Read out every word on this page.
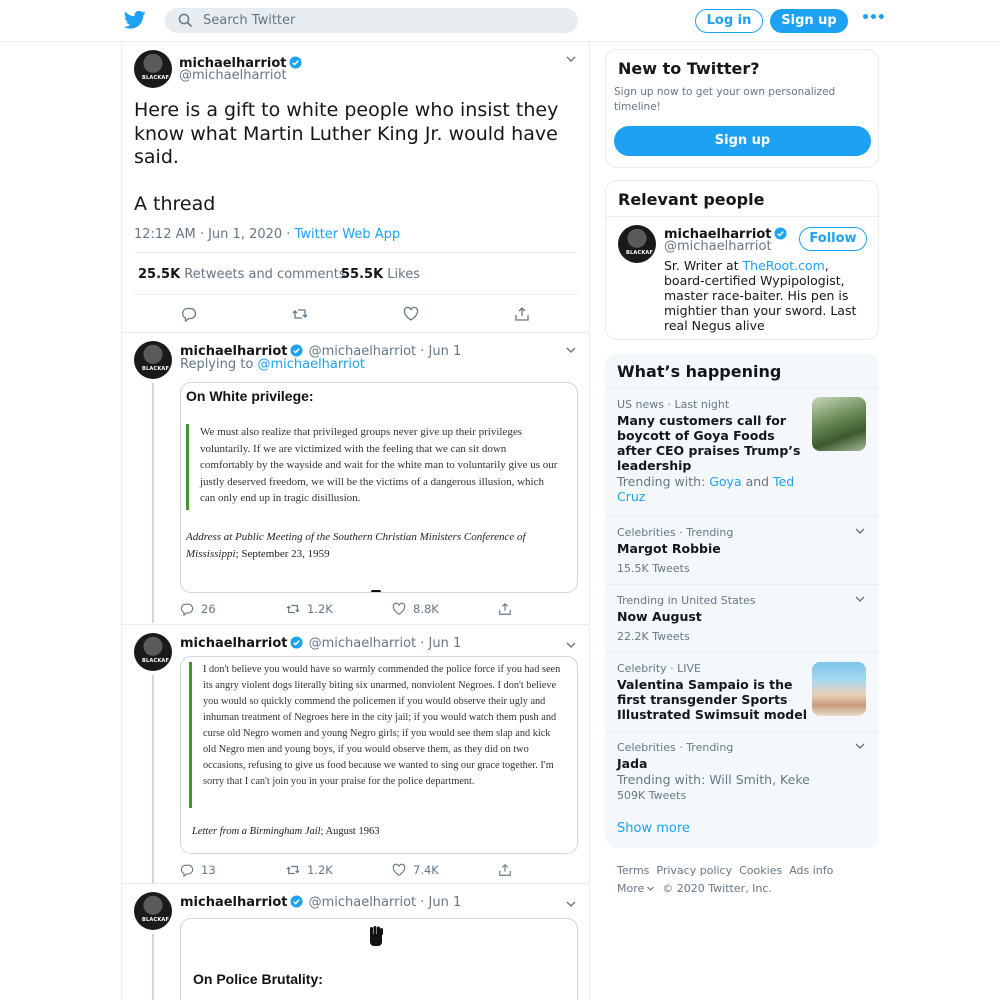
Search Twitter
Log in	Sign up	•••
BLACKAF
michaelharriot
@michaelharriot
Here is a gift to white people who insist they
know what Martin Luther King Jr. would have
said.
A thread
12:12 AM · Jun 1, 2020 · Twitter Web App
25.5K Retweets and comments
55.5K Likes
BLACKAF
michaelharriot @michaelharriot · Jun 1
Replying to @michaelharriot
On White privilege:
We must also realize that privileged groups never give up their privileges voluntarily. If we are victimized with the feeling that we can sit down comfortably by the wayside and wait for the white man to voluntarily give us our justly deserved freedom, we will be the victims of a dangerous illusion, which can only end up in tragic disillusion.
Address at Public Meeting of the Southern Christian Ministers Conference of Mississippi; September 23, 1959
26	1.2K	8.8K
BLACKAF
michaelharriot @michaelharriot · Jun 1
I don't believe you would have so warmly commended the police force if you had seen its angry violent dogs literally biting six unarmed, nonviolent Negroes. I don't believe you would so quickly commend the policemen if you would observe their ugly and inhuman treatment of Negroes here in the city jail; if you would watch them push and curse old Negro women and young Negro girls; if you would see them slap and kick old Negro men and young boys, if you would observe them, as they did on two occasions, refusing to give us food because we wanted to sing our grace together. I'm sorry that I can't join you in your praise for the police department.
Letter from a Birmingham Jail; August 1963
13	1.2K	7.4K
BLACKAF
michaelharriot @michaelharriot · Jun 1
On Police Brutality:
New to Twitter?
Sign up now to get your own personalized timeline!
Sign up
Relevant people
BLACKAF
michaelharriot
@michaelharriot
Follow
Sr. Writer at TheRoot.com, board-certified Wypipologist, master race-baiter. His pen is mightier than your sword. Last real Negus alive
What’s happening
US news · Last night
Many customers call for boycott of Goya Foods after CEO praises Trump’s leadership
Trending with: Goya and Ted Cruz
Celebrities · Trending
Margot Robbie
15.5K Tweets
Trending in United States
Now August
22.2K Tweets
Celebrity · LIVE
Valentina Sampaio is the first transgender Sports Illustrated Swimsuit model
Celebrities · Trending
Jada
Trending with: Will Smith, Keke
509K Tweets
Show more
Terms Privacy policy Cookies Ads info
More © 2020 Twitter, Inc.
